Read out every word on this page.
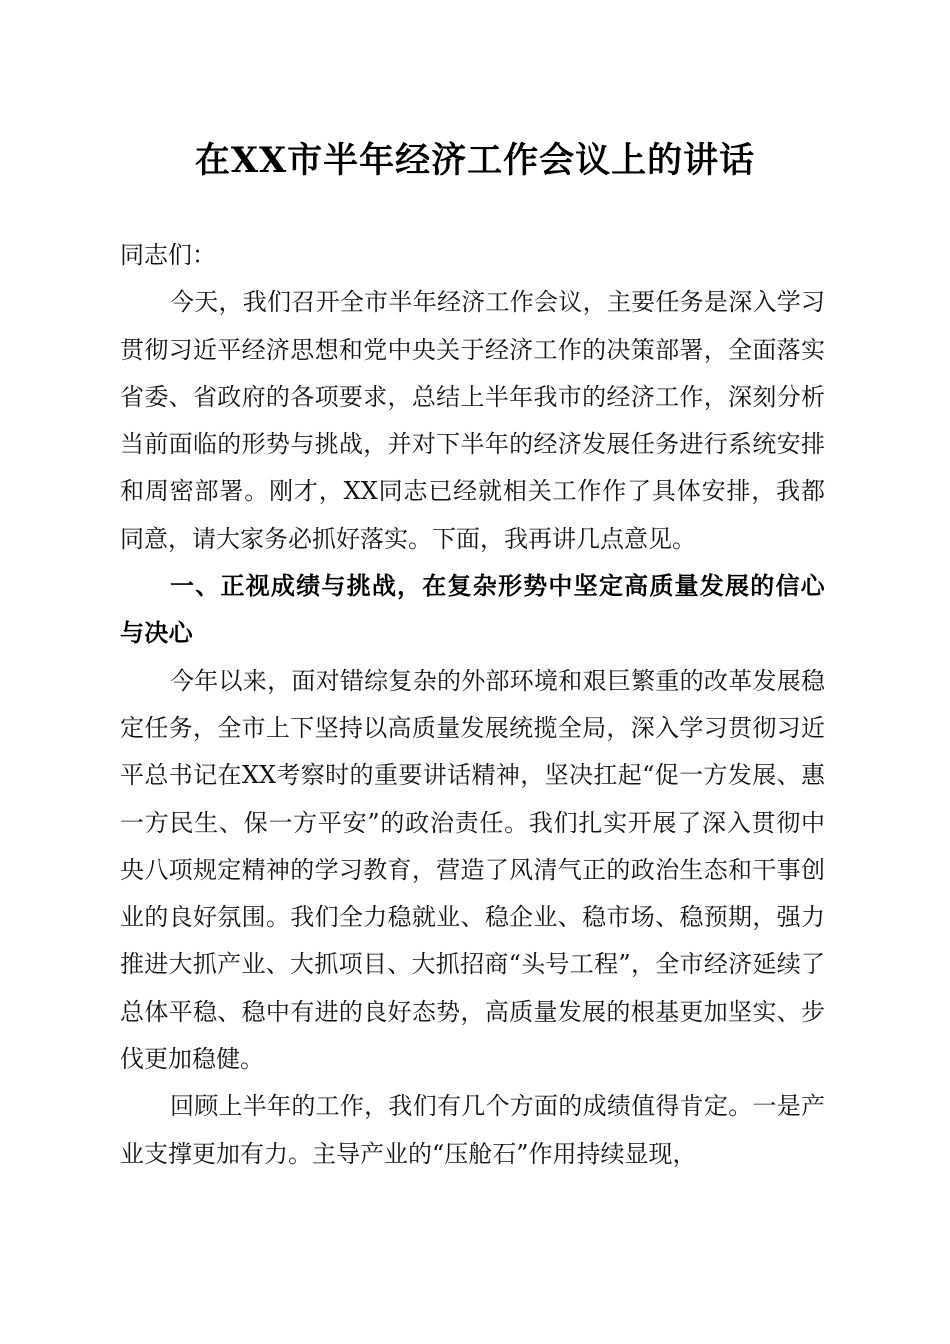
在XX市半年经济工作会议上的讲话

同志们：

今天，我们召开全市半年经济工作会议，主要任务是深入学习贯彻习近平经济思想和党中央关于经济工作的决策部署，全面落实省委、省政府的各项要求，总结上半年我市的经济工作，深刻分析当前面临的形势与挑战，并对下半年的经济发展任务进行系统安排和周密部署。刚才，XX同志已经就相关工作作了具体安排，我都同意，请大家务必抓好落实。下面，我再讲几点意见。

一、正视成绩与挑战，在复杂形势中坚定高质量发展的信心与决心

今年以来，面对错综复杂的外部环境和艰巨繁重的改革发展稳定任务，全市上下坚持以高质量发展统揽全局，深入学习贯彻习近平总书记在XX考察时的重要讲话精神，坚决扛起“促一方发展、惠一方民生、保一方平安”的政治责任。我们扎实开展了深入贯彻中央八项规定精神的学习教育，营造了风清气正的政治生态和干事创业的良好氛围。我们全力稳就业、稳企业、稳市场、稳预期，强力推进大抓产业、大抓项目、大抓招商“头号工程”，全市经济延续了总体平稳、稳中有进的良好态势，高质量发展的根基更加坚实、步伐更加稳健。

回顾上半年的工作，我们有几个方面的成绩值得肯定。一是产业支撑更加有力。主导产业的“压舱石”作用持续显现，
